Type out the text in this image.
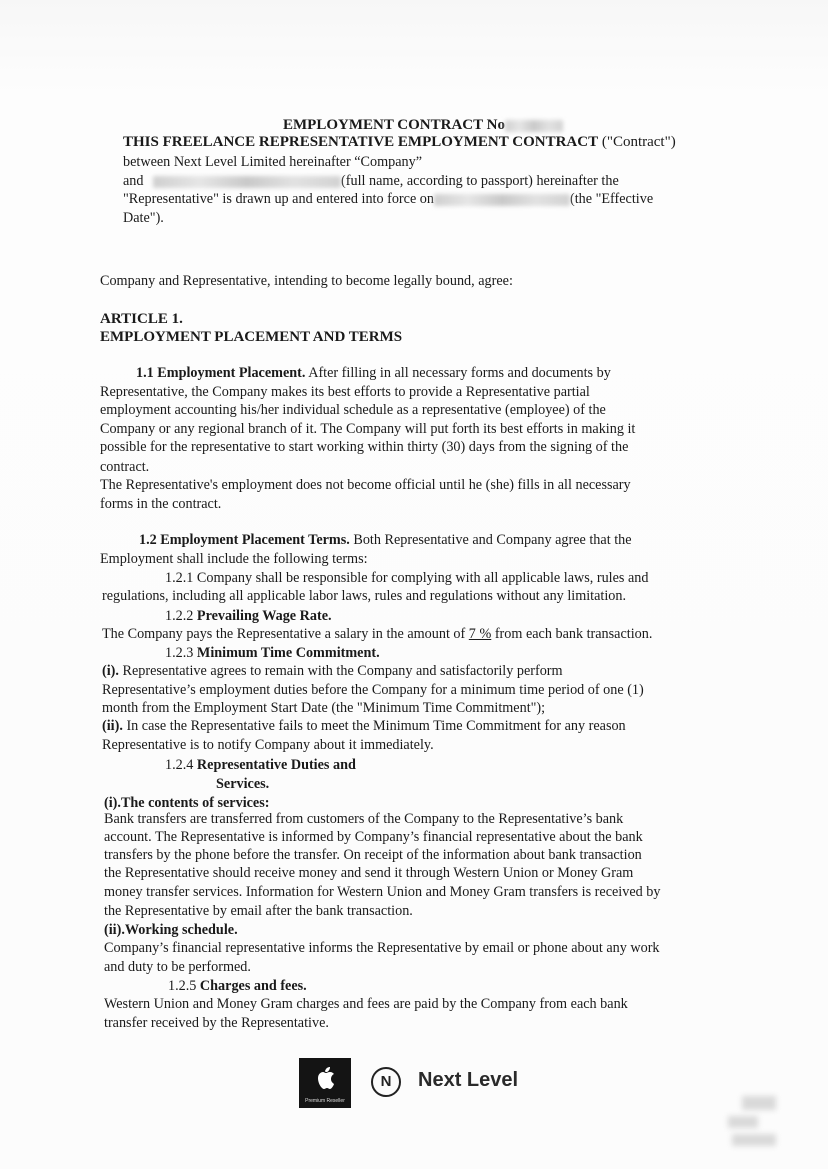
EMPLOYMENT CONTRACT No
THIS FREELANCE REPRESENTATIVE EMPLOYMENT CONTRACT ("Contract")
between Next Level Limited hereinafter “Company”
and	(full name, according to passport) hereinafter the
"Representative" is drawn up and entered into force on	(the "Effective
Date").
Company and Representative, intending to become legally bound, agree:
ARTICLE 1.
EMPLOYMENT PLACEMENT AND TERMS
1.1 Employment Placement. After filling in all necessary forms and documents by
Representative, the Company makes its best efforts to provide a Representative partial
employment accounting his/her individual schedule as a representative (employee) of the
Company or any regional branch of it. The Company will put forth its best efforts in making it
possible for the representative to start working within thirty (30) days from the signing of the
contract.
The Representative's employment does not become official until he (she) fills in all necessary
forms in the contract.
1.2 Employment Placement Terms. Both Representative and Company agree that the
Employment shall include the following terms:
1.2.1 Company shall be responsible for complying with all applicable laws, rules and
regulations, including all applicable labor laws, rules and regulations without any limitation.
1.2.2 Prevailing Wage Rate.
The Company pays the Representative a salary in the amount of 7 % from each bank transaction.
1.2.3 Minimum Time Commitment.
(i). Representative agrees to remain with the Company and satisfactorily perform
Representative’s employment duties before the Company for a minimum time period of one (1)
month from the Employment Start Date (the "Minimum Time Commitment");
(ii). In case the Representative fails to meet the Minimum Time Commitment for any reason
Representative is to notify Company about it immediately.
1.2.4 Representative Duties and
Services.
(i).The contents of services:
Bank transfers are transferred from customers of the Company to the Representative’s bank
account. The Representative is informed by Company’s financial representative about the bank
transfers by the phone before the transfer. On receipt of the information about bank transaction
the Representative should receive money and send it through Western Union or Money Gram
money transfer services. Information for Western Union and Money Gram transfers is received by
the Representative by email after the bank transaction.
(ii).Working schedule.
Company’s financial representative informs the Representative by email or phone about any work
and duty to be performed.
1.2.5 Charges and fees.
Western Union and Money Gram charges and fees are paid by the Company from each bank
transfer received by the Representative.
Premium Reseller
N	Next Level
